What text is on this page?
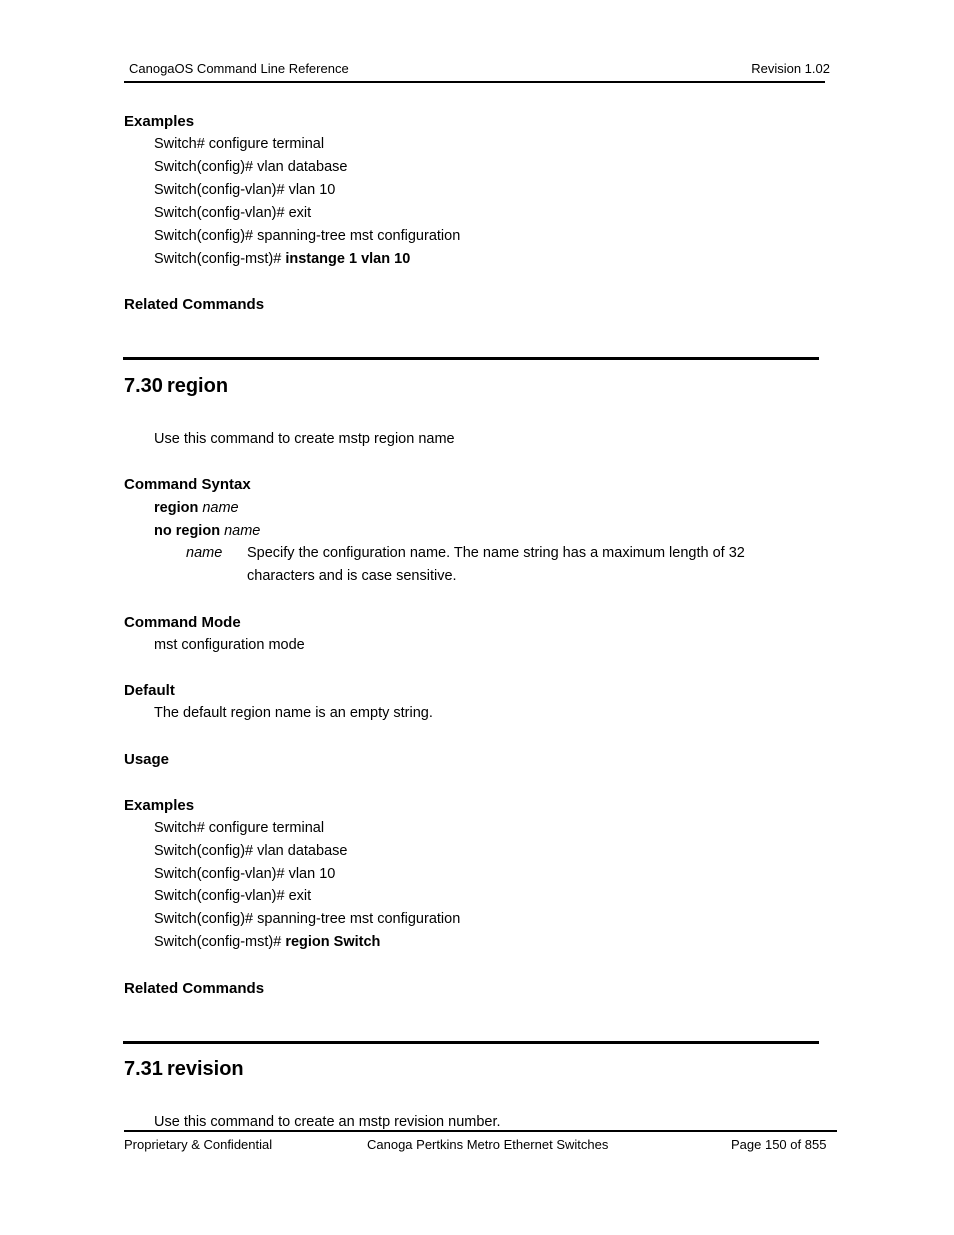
CanogaOS Command Line Reference	Revision 1.02
Examples
Switch# configure terminal
Switch(config)# vlan database
Switch(config-vlan)# vlan 10
Switch(config-vlan)# exit
Switch(config)# spanning-tree mst configuration
Switch(config-mst)# instange 1 vlan 10
Related Commands
7.30 region
Use this command to create mstp region name
Command Syntax
region name
no region name
name Specify the configuration name. The name string has a maximum length of 32
characters and is case sensitive.
Command Mode
mst configuration mode
Default
The default region name is an empty string.
Usage
Examples
Switch# configure terminal
Switch(config)# vlan database
Switch(config-vlan)# vlan 10
Switch(config-vlan)# exit
Switch(config)# spanning-tree mst configuration
Switch(config-mst)# region Switch
Related Commands
7.31 revision
Use this command to create an mstp revision number.
Proprietary & Confidential	Canoga Pertkins Metro Ethernet Switches	Page 150 of 855
